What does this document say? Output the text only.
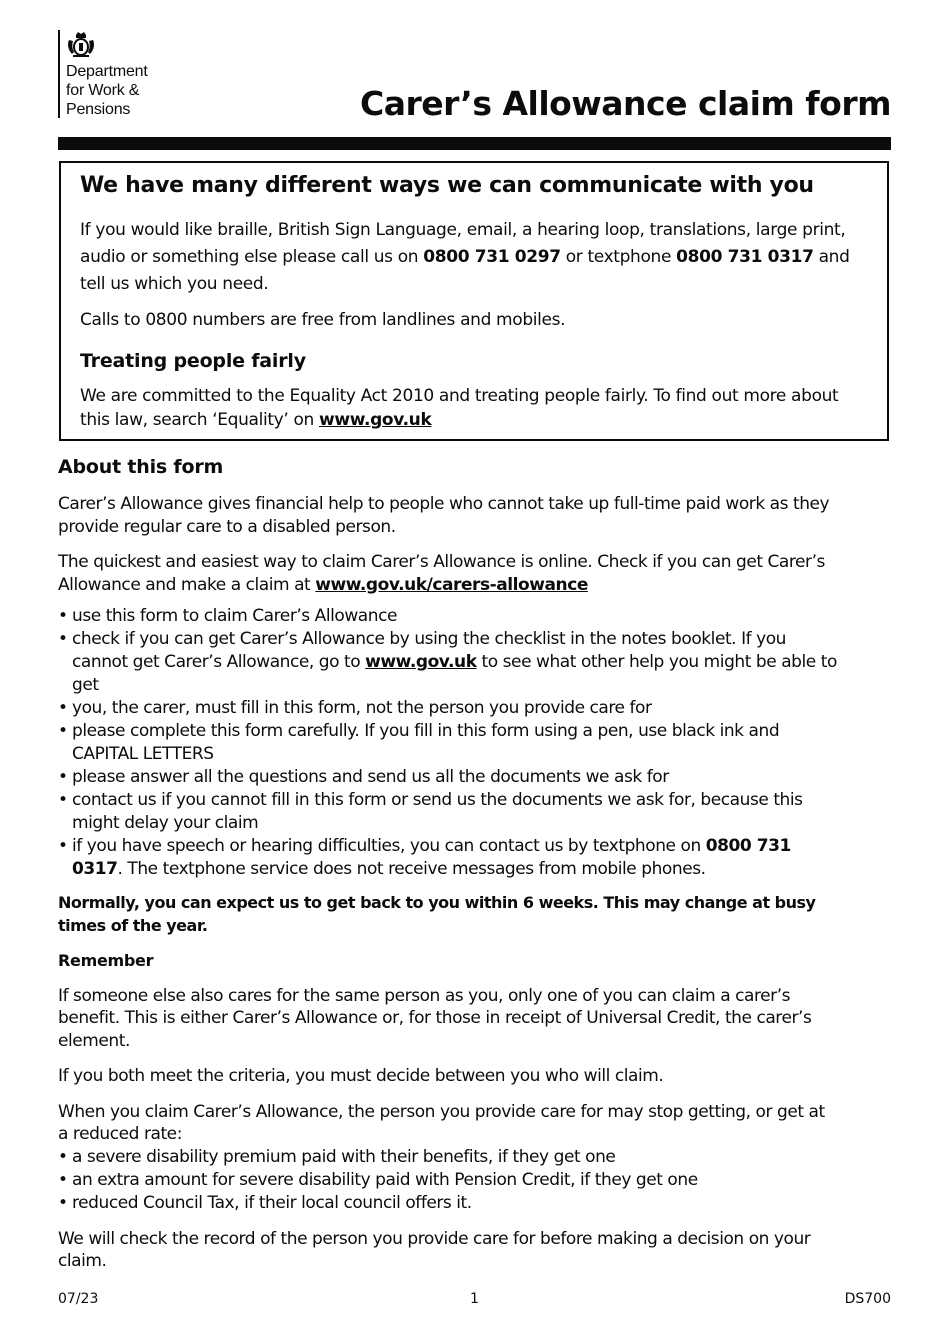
Department
for Work &
Pensions	Carer’s Allowance claim form
We have many different ways we can communicate with you

If you would like braille, British Sign Language, email, a hearing loop, translations, large print, audio or something else please call us on 0800 731 0297 or textphone 0800 731 0317 and tell us which you need.

Calls to 0800 numbers are free from landlines and mobiles.

Treating people fairly

We are committed to the Equality Act 2010 and treating people fairly. To find out more about this law, search ‘Equality’ on www.gov.uk

About this form

Carer’s Allowance gives financial help to people who cannot take up full-time paid work as they provide regular care to a disabled person.

The quickest and easiest way to claim Carer’s Allowance is online. Check if you can get Carer’s Allowance and make a claim at www.gov.uk/carers-allowance

• use this form to claim Carer’s Allowance
• check if you can get Carer’s Allowance by using the checklist in the notes booklet. If you cannot get Carer’s Allowance, go to www.gov.uk to see what other help you might be able to get
• you, the carer, must fill in this form, not the person you provide care for
• please complete this form carefully. If you fill in this form using a pen, use black ink and CAPITAL LETTERS
• please answer all the questions and send us all the documents we ask for
• contact us if you cannot fill in this form or send us the documents we ask for, because this might delay your claim
• if you have speech or hearing difficulties, you can contact us by textphone on 0800 731 0317. The textphone service does not receive messages from mobile phones.

Normally, you can expect us to get back to you within 6 weeks. This may change at busy times of the year.

Remember

If someone else also cares for the same person as you, only one of you can claim a carer’s benefit. This is either Carer’s Allowance or, for those in receipt of Universal Credit, the carer’s element.

If you both meet the criteria, you must decide between you who will claim.

When you claim Carer’s Allowance, the person you provide care for may stop getting, or get at a reduced rate:

• a severe disability premium paid with their benefits, if they get one
• an extra amount for severe disability paid with Pension Credit, if they get one
• reduced Council Tax, if their local council offers it.

We will check the record of the person you provide care for before making a decision on your claim.

07/23	1	DS700
